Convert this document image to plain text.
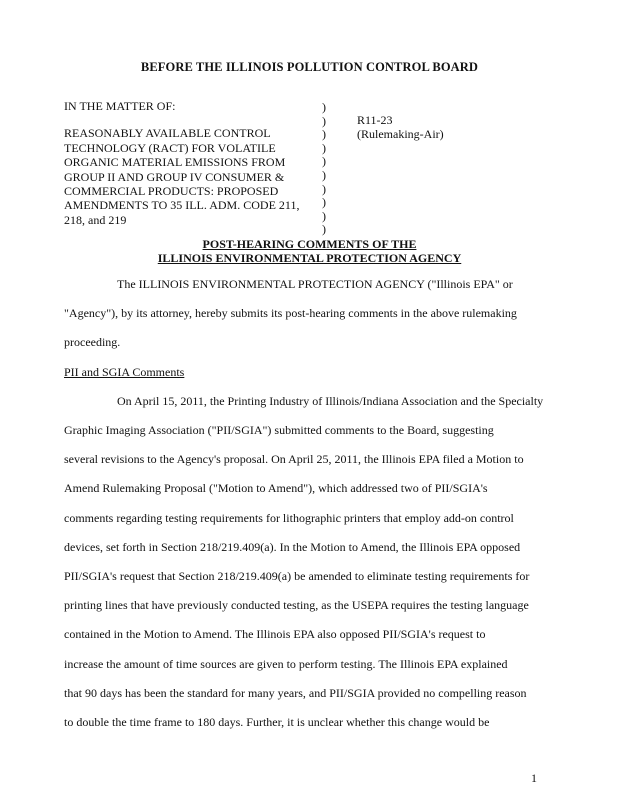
BEFORE THE ILLINOIS POLLUTION CONTROL BOARD
IN THE MATTER OF:
REASONABLY AVAILABLE CONTROL
TECHNOLOGY (RACT) FOR VOLATILE
ORGANIC MATERIAL EMISSIONS FROM
GROUP II AND GROUP IV CONSUMER &
COMMERCIAL PRODUCTS: PROPOSED
AMENDMENTS TO 35 ILL. ADM. CODE 211,
218, and 219
)
)
)
)
)
)
)
)
)
)
R11-23
(Rulemaking-Air)
POST-HEARING COMMENTS OF THE
ILLINOIS ENVIRONMENTAL PROTECTION AGENCY
The ILLINOIS ENVIRONMENTAL PROTECTION AGENCY ("Illinois EPA" or
"Agency"), by its attorney, hereby submits its post-hearing comments in the above rulemaking
proceeding.
PII and SGIA Comments
On April 15, 2011, the Printing Industry of Illinois/Indiana Association and the Specialty
Graphic Imaging Association ("PII/SGIA") submitted comments to the Board, suggesting
several revisions to the Agency's proposal. On April 25, 2011, the Illinois EPA filed a Motion to
Amend Rulemaking Proposal ("Motion to Amend"), which addressed two of PII/SGIA's
comments regarding testing requirements for lithographic printers that employ add-on control
devices, set forth in Section 218/219.409(a). In the Motion to Amend, the Illinois EPA opposed
PII/SGIA's request that Section 218/219.409(a) be amended to eliminate testing requirements for
printing lines that have previously conducted testing, as the USEPA requires the testing language
contained in the Motion to Amend. The Illinois EPA also opposed PII/SGIA's request to
increase the amount of time sources are given to perform testing. The Illinois EPA explained
that 90 days has been the standard for many years, and PII/SGIA provided no compelling reason
to double the time frame to 180 days. Further, it is unclear whether this change would be
1
